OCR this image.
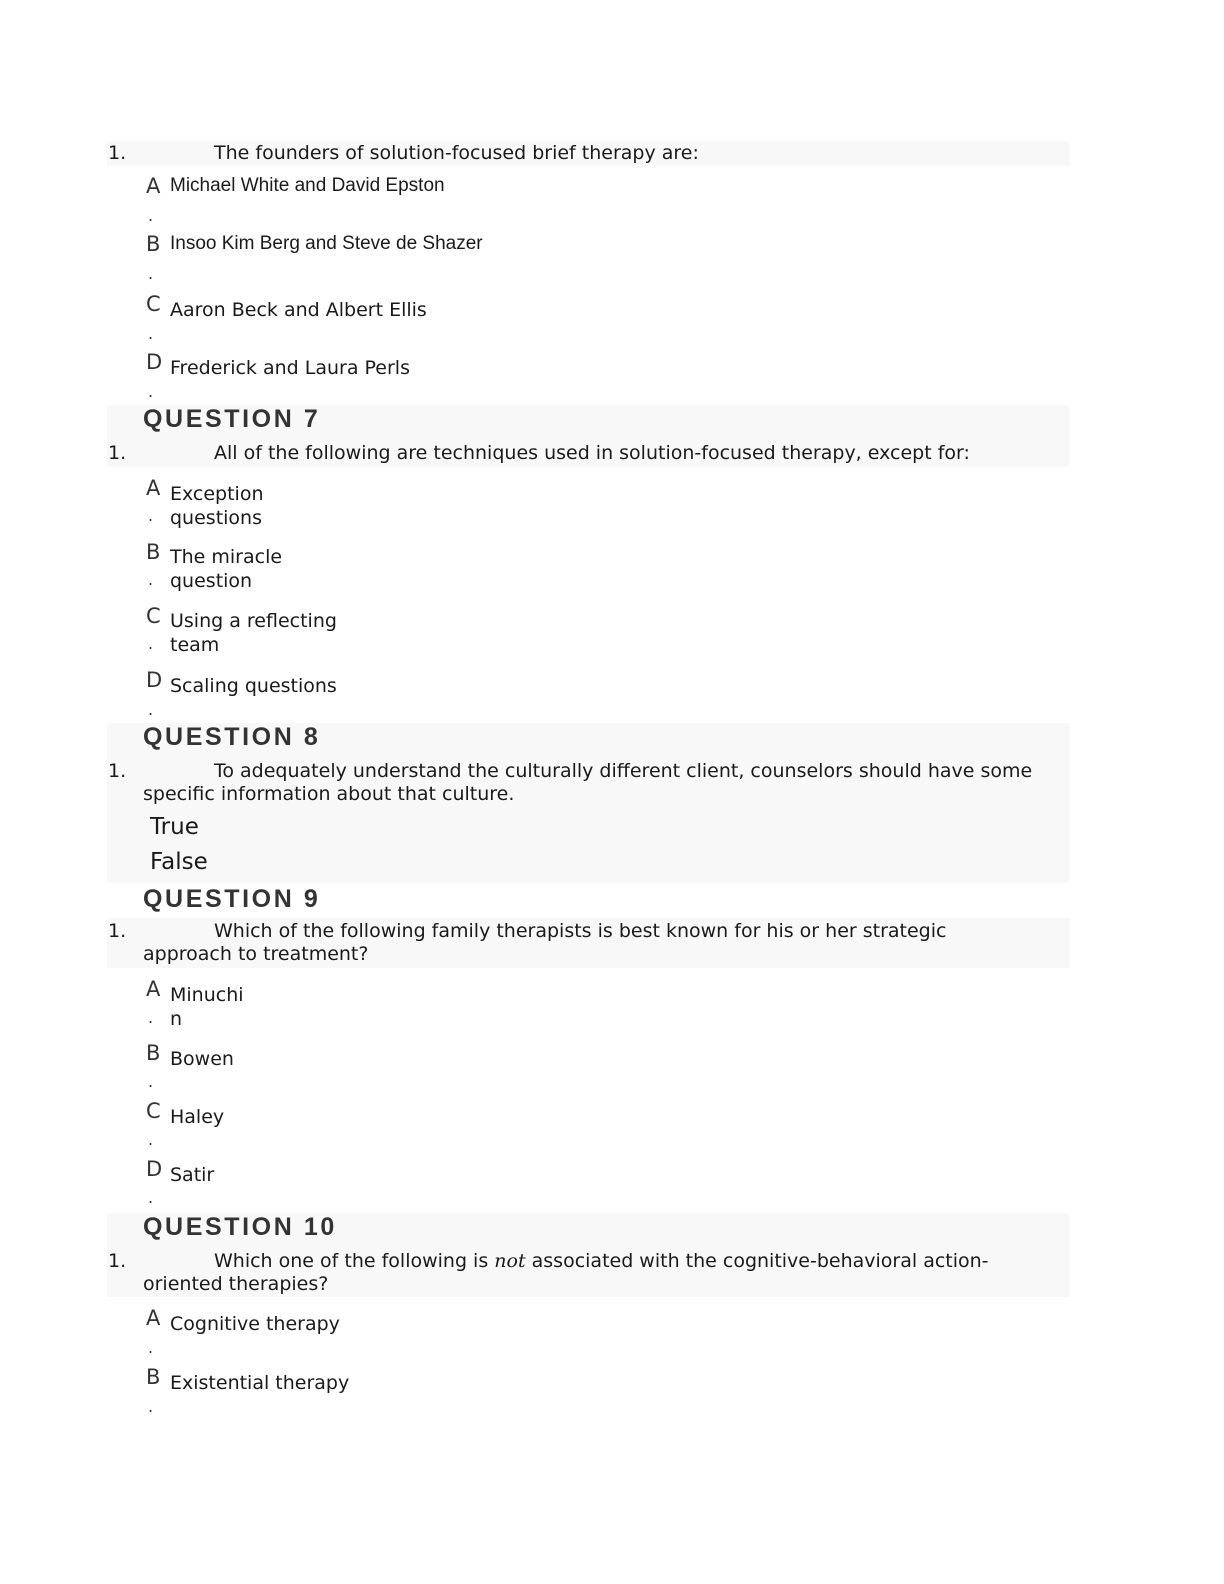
1.	The founders of solution-focused brief therapy are:
A
.
Michael White and David Epston
B
.
Insoo Kim Berg and Steve de Shazer
C
.
Aaron Beck and Albert Ellis
D
.
Frederick and Laura Perls
QUESTION 7
1.	All of the following are techniques used in solution-focused therapy, except for:
A
.
Exception
questions
B
.
The miracle
question
C
.
Using a reflecting
team
D
.
Scaling questions
QUESTION 8
1.	To adequately understand the culturally different client, counselors should have some
specific information about that culture.
True
False
QUESTION 9
1.	Which of the following family therapists is best known for his or her strategic
approach to treatment?
A
.
Minuchi
n
B
.
Bowen
C
.
Haley
D
.
Satir
QUESTION 10
1.	Which one of the following is not associated with the cognitive-behavioral action-
oriented therapies?
A
.
Cognitive therapy
B
.
Existential therapy
